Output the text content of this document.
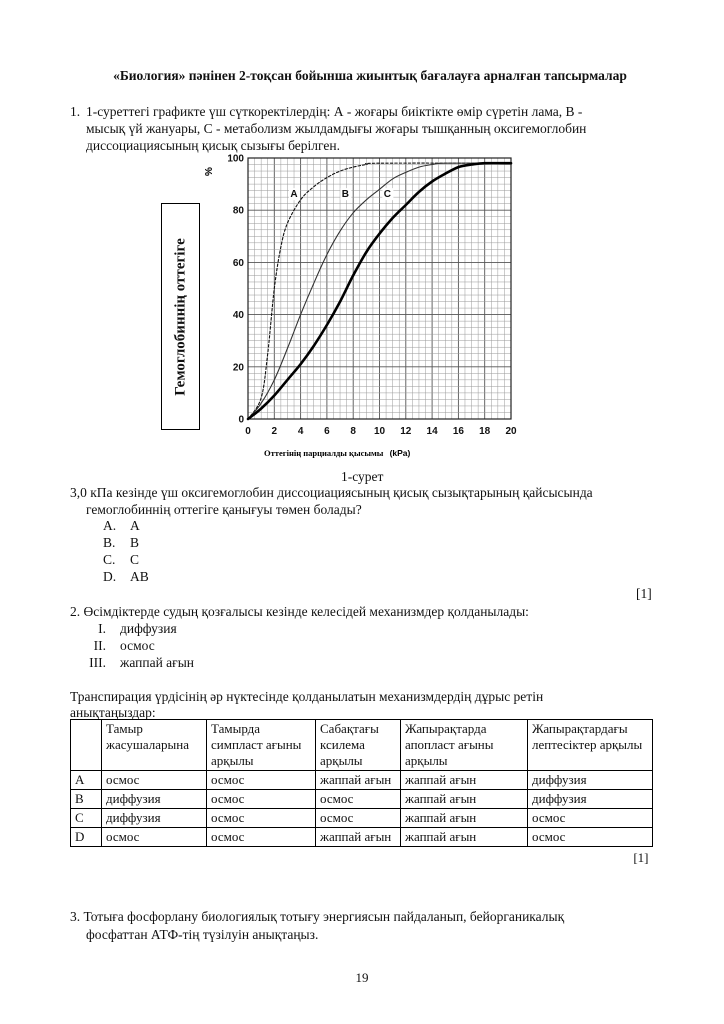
«Биология» пәнінен 2-тоқсан бойынша жиынтық бағалауға арналған тапсырмалар
1. 1-суреттегі графикте үш сүткоректілердің: А - жоғары биіктікте өмір сүретін лама, В -
мысық үй жануары, С - метаболизм жылдамдығы жоғары тышқанның оксигемоглобин
диссоциациясының қисық сызығы берілген.
Гемоглобиннің оттегіге
A	B	C
0 2 4 6 8 10 12 14 16 18 20
0
20
40
60
80
100
%
Оттегінің парциалды қысымы (kPa)
1-сурет
3,0 кПа кезінде үш оксигемоглобин диссоциациясының қисық сызықтарының қайсысында
гемоглобиннің оттегіге қанығуы төмен болады?
A. A
B. B
C. C
D. AB
[1]
2. Өсімдіктерде судың қозғалысы кезінде келесідей механизмдер қолданылады:
I. диффузия
II. осмос
III. жаппай ағын
Транспирация үрдісінің әр нүктесінде қолданылатын механизмдердің дұрыс ретін
анықтаңыздар:
	Тамыр жасушаларына	Тамырда симпласт ағыны арқылы	Сабақтағы ксилема арқылы	Жапырақтарда апопласт ағыны арқылы	Жапырақтардағы лептесіктер арқылы
A	осмос	осмос	жаппай ағын	жаппай ағын	диффузия
B	диффузия	осмос	осмос	жаппай ағын	диффузия
C	диффузия	осмос	осмос	жаппай ағын	осмос
D	осмос	осмос	жаппай ағын	жаппай ағын	осмос
[1]					
3. Тотыға фосфорлану биологиялық тотығу энергиясын пайдаланып, бейорганикалық
фосфаттан АТФ-тің түзілуін анықтаңыз.
19
